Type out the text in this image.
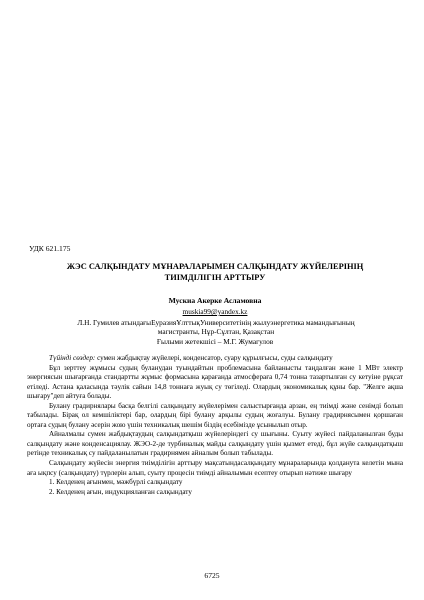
УДК 621.175
ЖЭС САЛҚЫНДАТУ МҰНАРАЛАРЫМЕН САЛҚЫНДАТУ ЖҮЙЕЛЕРІНІҢ
ТИІМДІЛІГІН АРТТЫРУ
Мускиа Акерке Асламовна
muskia99@yandex.kz
Л.Н. Гумилев атындағыЕуразияҰлттықУниверситетінің жылуэнергетика мамандығының
магистранты, Нұр-Сұлтан, Қазақстан
Ғылыми жетекшісі – М.Г. Жумагулов

Түйінді сөздер: сумен жабдықтау жүйелері, конденсатор, суару құрылғысы, суды салқындату

Бұл зерттеу жұмысы судың буланудан туындайтын проблемасына байланысты таңдалған және 1 МВт электр энергиясын шығарғанда стандартты жұмыс формасына қарағанда атмосфераға 0,74 тонна тазартылған су кетуіне рұқсат етіледі. Астана қаласында тәулік сайын 14,8 тоннаға жуық су төгіледі. Олардың экономикалық құны бар. "Желге ақша шығару"деп айтуға болады.

Булану градирнялары басқа белгілі салқындату жүйелерімен салыстырғанда арзан, ең тиімді және сенімді болып табылады. Бірақ ол кемшіліктері бар, олардың бірі булану арқылы судың жоғалуы. Булану градирнясымен қоршаған ортаға судың булану әсерін жою үшін техникалық шешім біздің есебімізде ұсынылып отыр.

Айналмалы сумен жабдықтаудың салқындатқыш жүйелеріндегі су шығыны. Суыту жүйесі пайдаланылған буды салқындату және конденсациялау. ЖЭО-2-де турбиналық майды салқындату үшін қызмет етеді, бұл жүйе салқындатқыш ретінде техникалық су пайдаланылатын градирнямен айналым болып табылады.

Салқындату жүйесін энергия тиімділігін арттыру мақсатындасалқындату мұнараларында қолданута келетін мына аға ықпсу (салқындату) түрлерін алып, суыту процесін тиімді айналымын есептеу отырып нәтиже шығару

1. Келденең ағынмен, мәжбүрлі салқындату
2. Келденең ағын, индукцияланған салқындату
6725
